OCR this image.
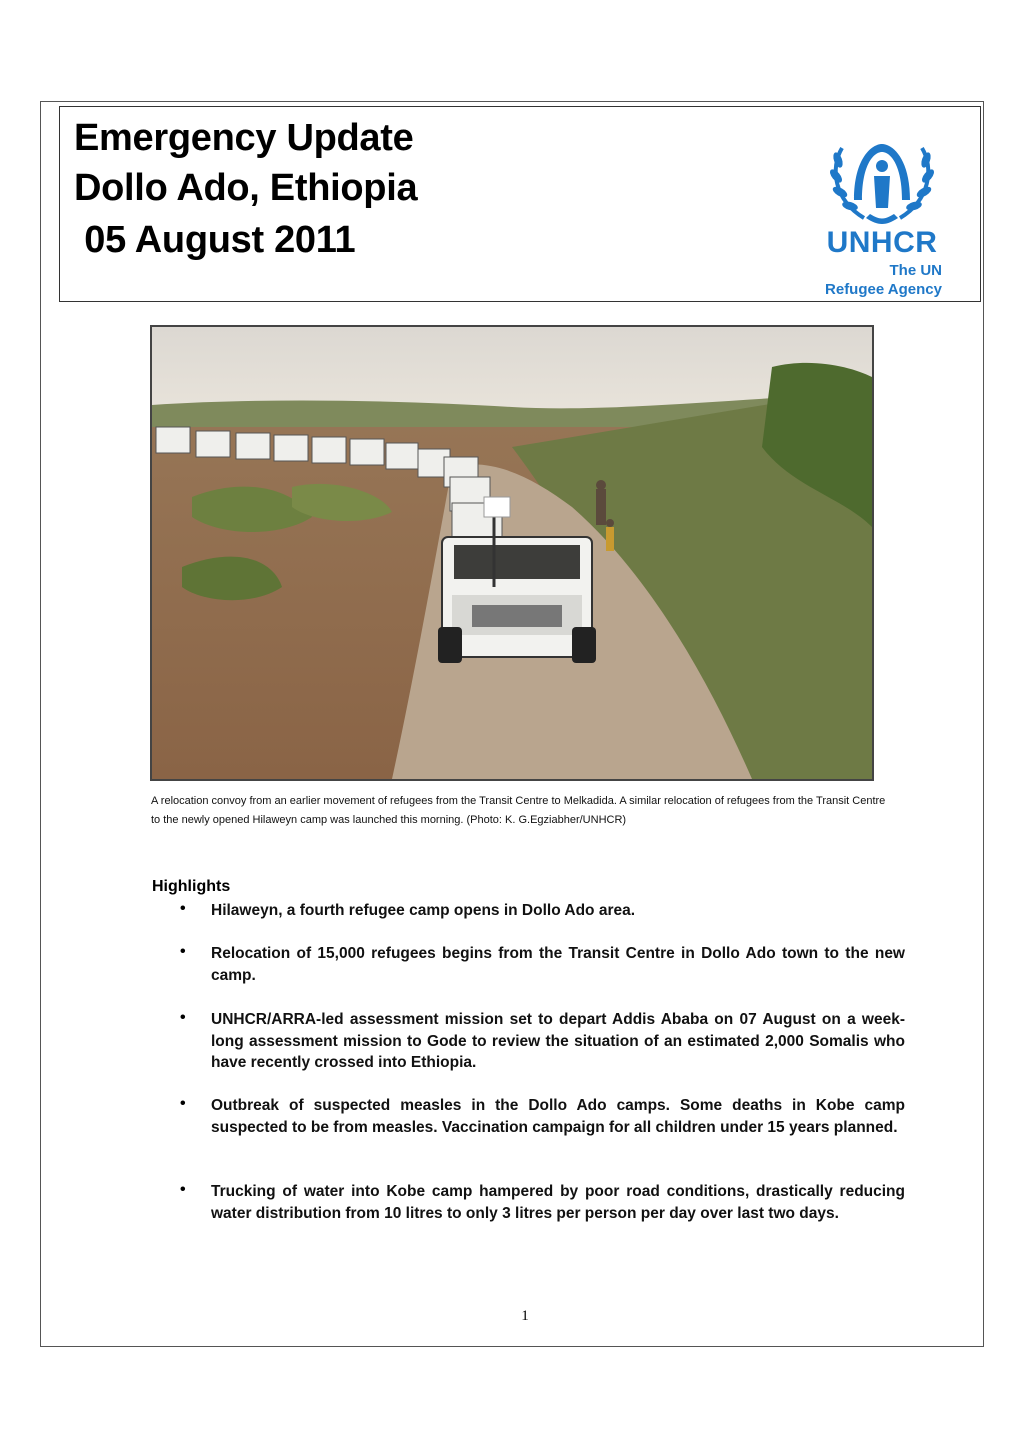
Emergency Update
Dollo Ado, Ethiopia
05 August 2011	UNHCR
The UN
Refugee Agency
A relocation convoy from an earlier movement of refugees from the Transit Centre to Melkadida. A similar relocation of refugees from the Transit Centre to the newly opened Hilaweyn camp was launched this morning. (Photo: K. G.Egziabher/UNHCR)
Highlights
• Hilaweyn, a fourth refugee camp opens in Dollo Ado area.
• Relocation of 15,000 refugees begins from the Transit Centre in Dollo Ado town to the new camp.
• UNHCR/ARRA-led assessment mission set to depart Addis Ababa on 07 August on a week-long assessment mission to Gode to review the situation of an estimated 2,000 Somalis who have recently crossed into Ethiopia.
• Outbreak of suspected measles in the Dollo Ado camps. Some deaths in Kobe camp suspected to be from measles. Vaccination campaign for all children under 15 years planned.
• Trucking of water into Kobe camp hampered by poor road conditions, drastically reducing water distribution from 10 litres to only 3 litres per person per day over last two days.
1
